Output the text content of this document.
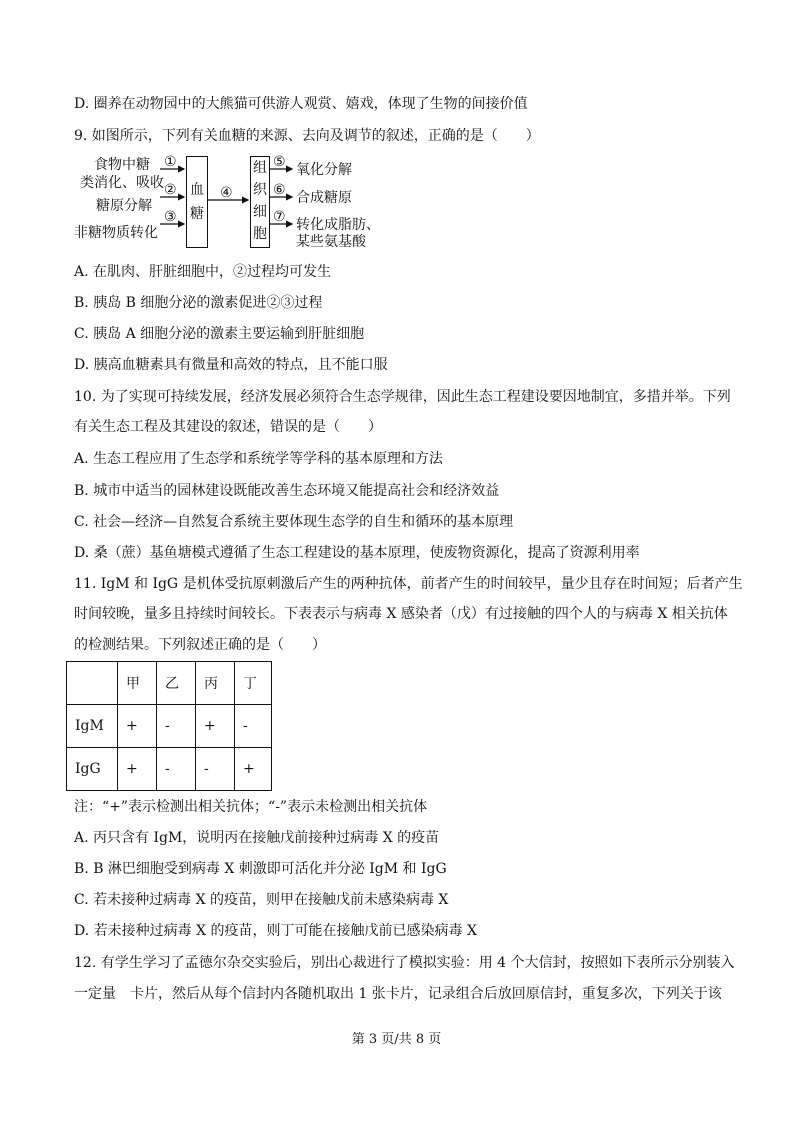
D. 圈养在动物园中的大熊猫可供游人观赏、嬉戏，体现了生物的间接价值
9. 如图所示，下列有关血糖的来源、去向及调节的叙述，正确的是（　　）
食物中糖
类消化、吸收
糖原分解
非糖物质转化
①
②
③
④
血
糖
组
织
细
胞
⑤
⑥
⑦
氧化分解
合成糖原
转化成脂肪、
某些氨基酸
A. 在肌肉、肝脏细胞中，②过程均可发生
B. 胰岛 B 细胞分泌的激素促进②③过程
C. 胰岛 A 细胞分泌的激素主要运输到肝脏细胞
D. 胰高血糖素具有微量和高效的特点，且不能口服
10. 为了实现可持续发展，经济发展必须符合生态学规律，因此生态工程建设要因地制宜，多措并举。下列
有关生态工程及其建设的叙述，错误的是（　　）
A. 生态工程应用了生态学和系统学等学科的基本原理和方法
B. 城市中适当的园林建设既能改善生态环境又能提高社会和经济效益
C. 社会—经济—自然复合系统主要体现生态学的自生和循环的基本原理
D. 桑（蔗）基鱼塘模式遵循了生态工程建设的基本原理，使废物资源化，提高了资源利用率
11. IgM 和 IgG 是机体受抗原刺激后产生的两种抗体，前者产生的时间较早，量少且存在时间短；后者产生
时间较晚，量多且持续时间较长。下表表示与病毒 X 感染者（戊）有过接触的四个人的与病毒 X 相关抗体
的检测结果。下列叙述正确的是（　　）
	甲	乙	丙	丁
IgM	+	-	+	-
IgG	+	-	-	+
注：“+”表示检测出相关抗体；“-”表示未检测出相关抗体
A. 丙只含有 IgM，说明丙在接触戊前接种过病毒 X 的疫苗
B. B 淋巴细胞受到病毒 X 刺激即可活化并分泌 IgM 和 IgG
C. 若未接种过病毒 X 的疫苗，则甲在接触戊前未感染病毒 X
D. 若未接种过病毒 X 的疫苗，则丁可能在接触戊前已感染病毒 X
12. 有学生学习了孟德尔杂交实验后，别出心裁进行了模拟实验：用 4 个大信封，按照如下表所示分别装入
一定量　卡片，然后从每个信封内各随机取出 1 张卡片，记录组合后放回原信封，重复多次，下列关于该
第 3 页/共 8 页
